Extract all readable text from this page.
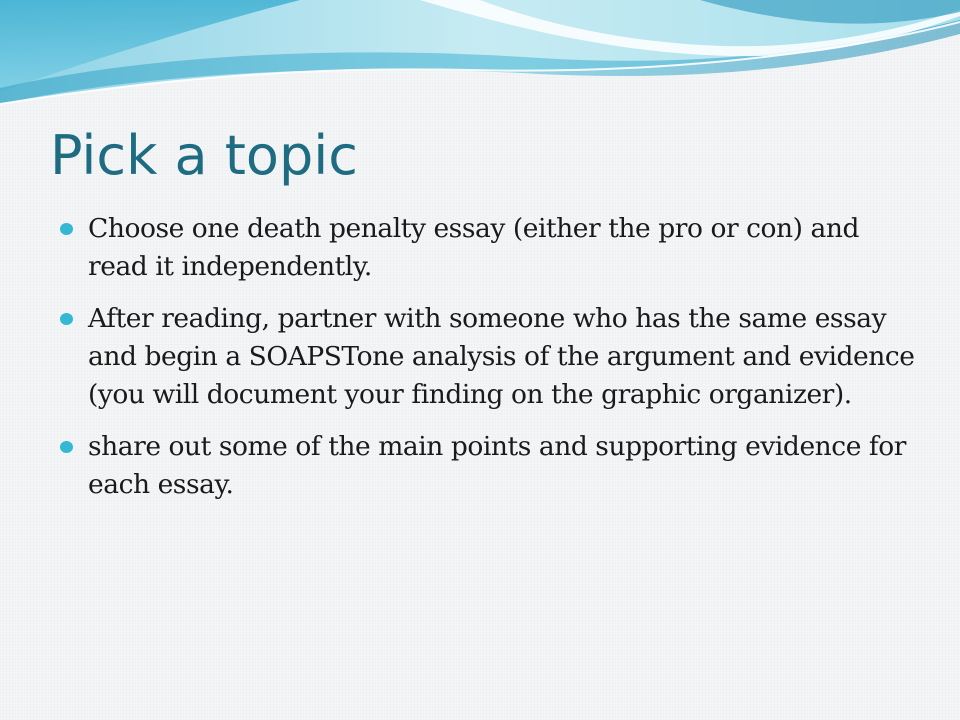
Pick a topic
Choose one death penalty essay (either the pro or con) and read it independently.
After reading, partner with someone who has the same essay and begin a SOAPSTone analysis of the argument and evidence (you will document your finding on the graphic organizer).
share out some of the main points and supporting evidence for each essay.
